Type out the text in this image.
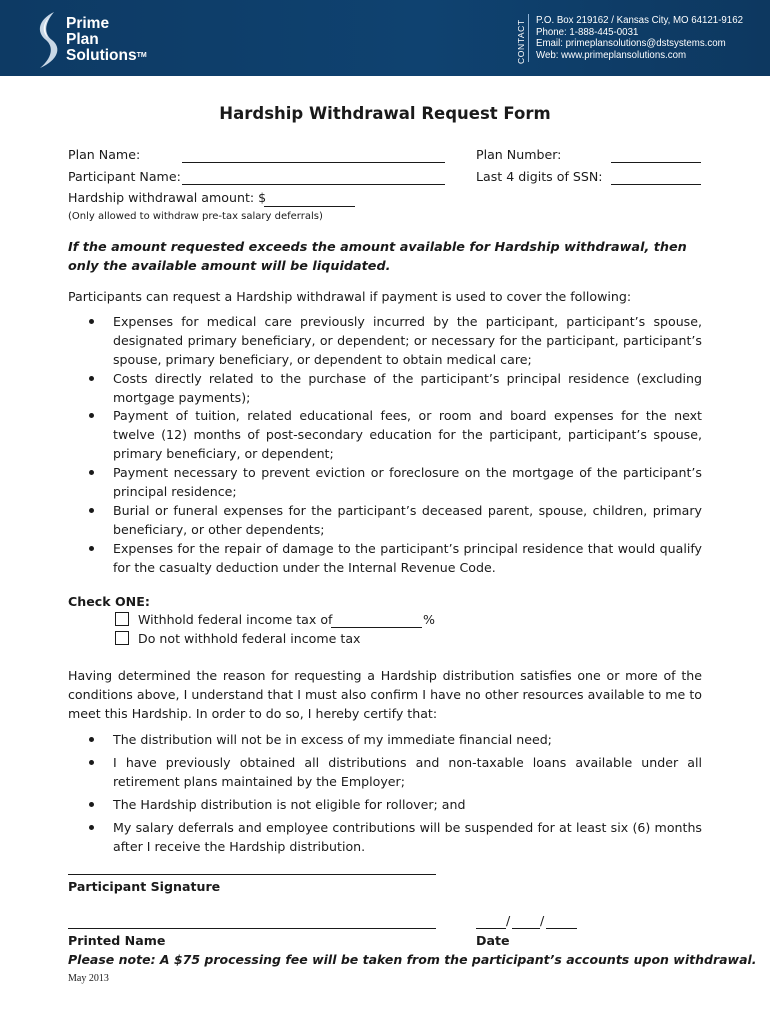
Prime
Plan
Solutions™	CONTACT P.O. Box 219162 / Kansas City, MO 64121-9162
Phone: 1-888-445-0031
Email: primeplansolutions@dstsystems.com
Web: www.primeplansolutions.com
Hardship Withdrawal Request Form
Plan Name:	Plan Number:
Participant Name:	Last 4 digits of SSN:
Hardship withdrawal amount: $
(Only allowed to withdraw pre-tax salary deferrals)
If the amount requested exceeds the amount available for Hardship withdrawal, then only the available amount will be liquidated.
Participants can request a Hardship withdrawal if payment is used to cover the following:
Expenses for medical care previously incurred by the participant, participant’s spouse, designated primary beneficiary, or dependent; or necessary for the participant, participant’s spouse, primary beneficiary, or dependent to obtain medical care;
Costs directly related to the purchase of the participant’s principal residence (excluding mortgage payments);
Payment of tuition, related educational fees, or room and board expenses for the next twelve (12) months of post-secondary education for the participant, participant’s spouse, primary beneficiary, or dependent;
Payment necessary to prevent eviction or foreclosure on the mortgage of the participant’s principal residence;
Burial or funeral expenses for the participant’s deceased parent, spouse, children, primary beneficiary, or other dependents;
Expenses for the repair of damage to the participant’s principal residence that would qualify for the casualty deduction under the Internal Revenue Code.
Check ONE:
Withhold federal income tax of	%
Do not withhold federal income tax
Having determined the reason for requesting a Hardship distribution satisfies one or more of the conditions above, I understand that I must also confirm I have no other resources available to me to meet this Hardship. In order to do so, I hereby certify that:
The distribution will not be in excess of my immediate financial need;
I have previously obtained all distributions and non-taxable loans available under all retirement plans maintained by the Employer;
The Hardship distribution is not eligible for rollover; and
My salary deferrals and employee contributions will be suspended for at least six (6) months after I receive the Hardship distribution.
Participant Signature
/ /
Printed Name	Date
Please note: A $75 processing fee will be taken from the participant’s accounts upon withdrawal.
May 2013
